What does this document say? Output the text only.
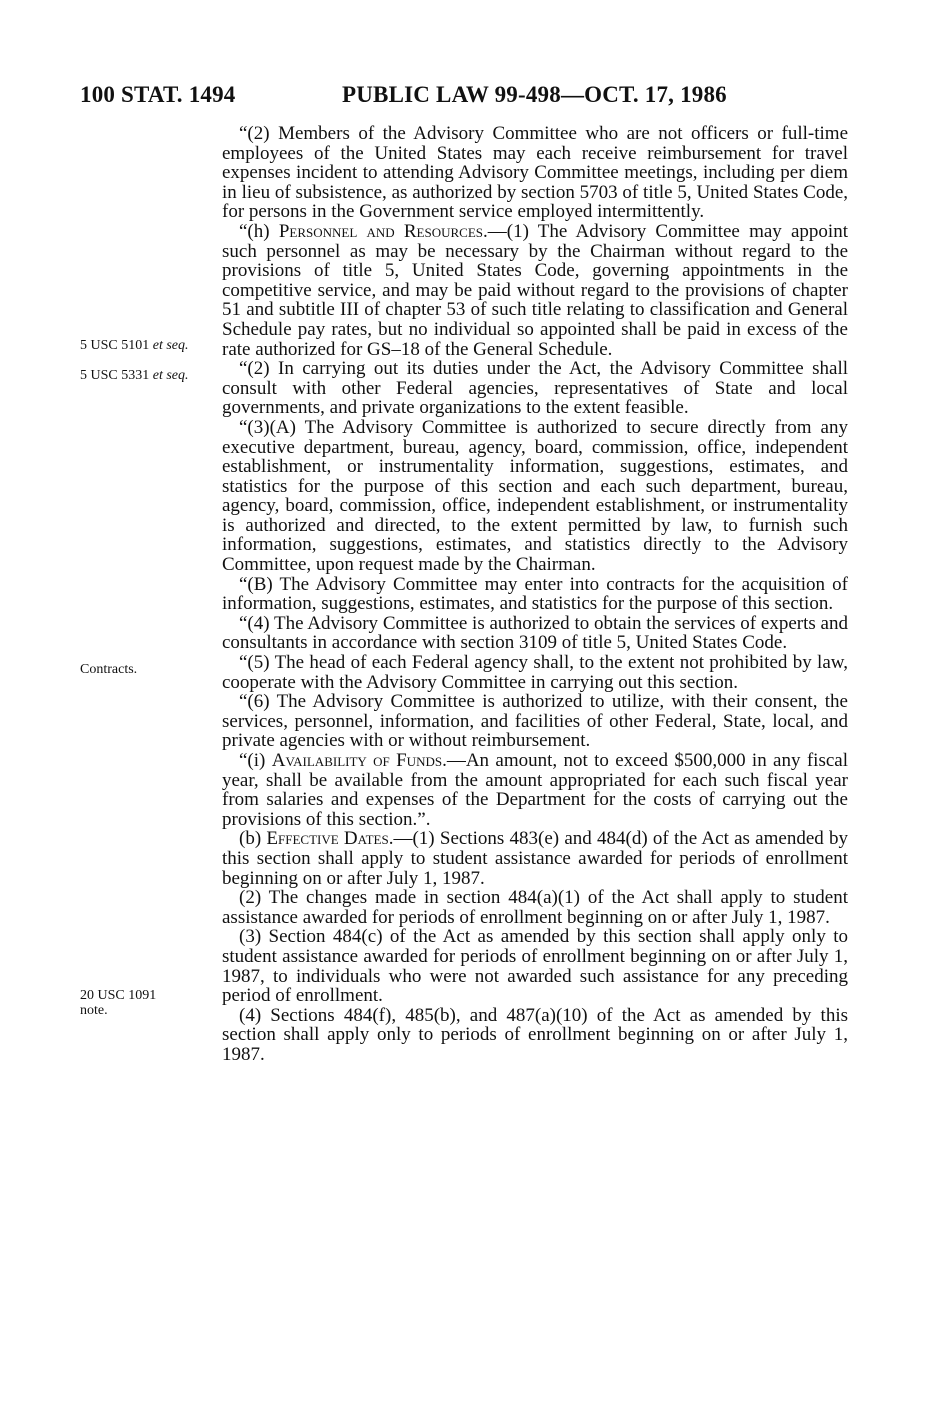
100 STAT. 1494	PUBLIC LAW 99-498—OCT. 17, 1986
5 USC 5101 et seq.
5 USC 5331 et seq.
Contracts.
20 USC 1091
note.

“(2) Members of the Advisory Committee who are not officers or full-time employees of the United States may each receive reimbursement for travel expenses incident to attending Advisory Committee meetings, including per diem in lieu of subsistence, as authorized by section 5703 of title 5, United States Code, for persons in the Government service employed intermittently.

“(h) Personnel and Resources.—(1) The Advisory Committee may appoint such personnel as may be necessary by the Chairman without regard to the provisions of title 5, United States Code, governing appointments in the competitive service, and may be paid without regard to the provisions of chapter 51 and subtitle III of chapter 53 of such title relating to classification and General Schedule pay rates, but no individual so appointed shall be paid in excess of the rate authorized for GS–18 of the General Schedule.

“(2) In carrying out its duties under the Act, the Advisory Committee shall consult with other Federal agencies, representatives of State and local governments, and private organizations to the extent feasible.

“(3)(A) The Advisory Committee is authorized to secure directly from any executive department, bureau, agency, board, commission, office, independent establishment, or instrumentality information, suggestions, estimates, and statistics for the purpose of this section and each such department, bureau, agency, board, commission, office, independent establishment, or instrumentality is authorized and directed, to the extent permitted by law, to furnish such information, suggestions, estimates, and statistics directly to the Advisory Committee, upon request made by the Chairman.

“(B) The Advisory Committee may enter into contracts for the acquisition of information, suggestions, estimates, and statistics for the purpose of this section.

“(4) The Advisory Committee is authorized to obtain the services of experts and consultants in accordance with section 3109 of title 5, United States Code.

“(5) The head of each Federal agency shall, to the extent not prohibited by law, cooperate with the Advisory Committee in carrying out this section.

“(6) The Advisory Committee is authorized to utilize, with their consent, the services, personnel, information, and facilities of other Federal, State, local, and private agencies with or without reimbursement.

“(i) Availability of Funds.—An amount, not to exceed $500,000 in any fiscal year, shall be available from the amount appropriated for each such fiscal year from salaries and expenses of the Department for the costs of carrying out the provisions of this section.”.

(b) Effective Dates.—(1) Sections 483(e) and 484(d) of the Act as amended by this section shall apply to student assistance awarded for periods of enrollment beginning on or after July 1, 1987.

(2) The changes made in section 484(a)(1) of the Act shall apply to student assistance awarded for periods of enrollment beginning on or after July 1, 1987.

(3) Section 484(c) of the Act as amended by this section shall apply only to student assistance awarded for periods of enrollment beginning on or after July 1, 1987, to individuals who were not awarded such assistance for any preceding period of enrollment.

(4) Sections 484(f), 485(b), and 487(a)(10) of the Act as amended by this section shall apply only to periods of enrollment beginning on or after July 1, 1987.
